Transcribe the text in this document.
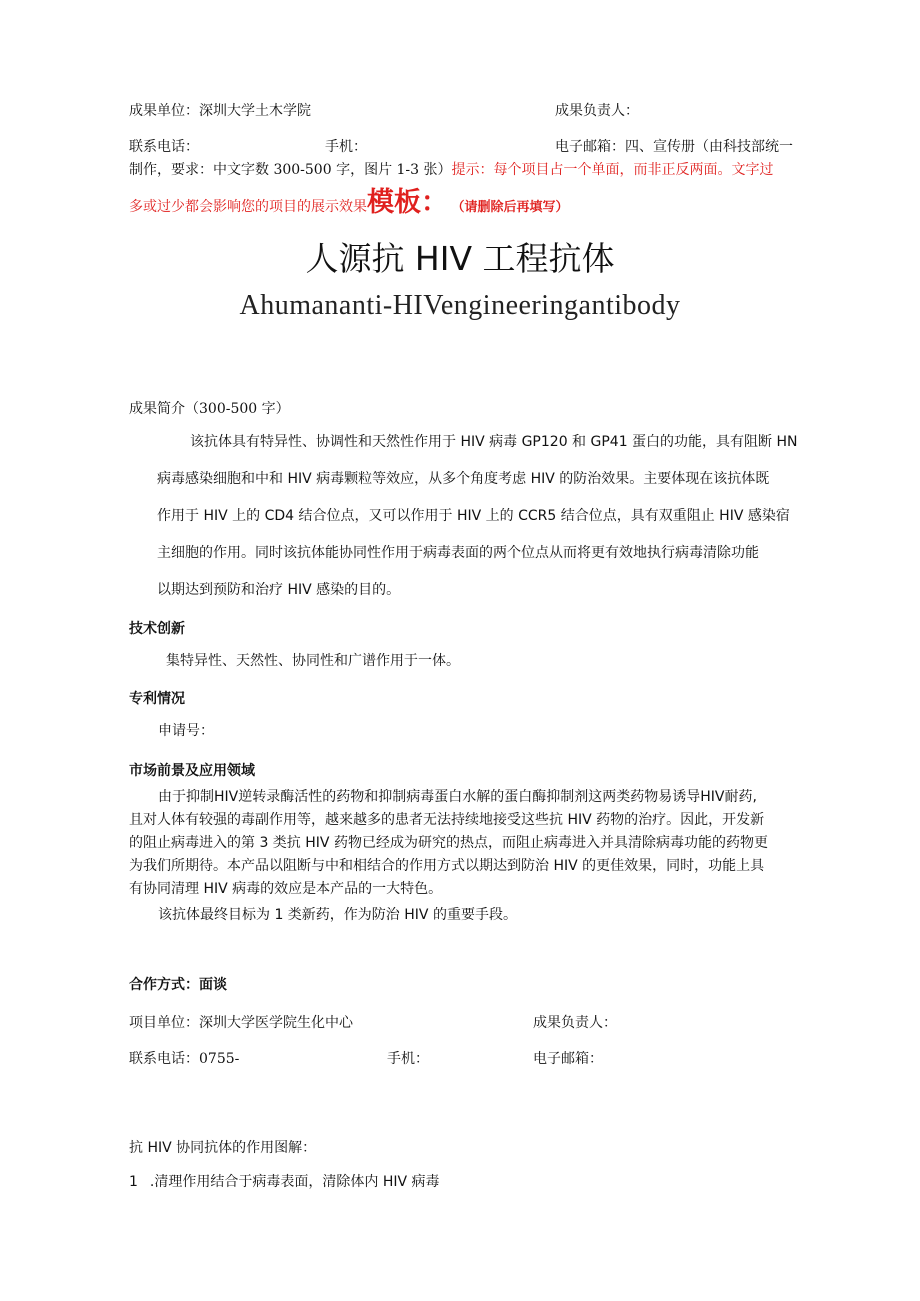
成果单位：深圳大学土木学院	成果负责人：
联系电话：	手机：	电子邮箱：四、宣传册（由科技部统一
制作，要求：中文字数 300-500 字，图片 1-3 张）提示：每个项目占一个单面，而非正反两面。文字过
多或过少都会影响您的项目的展示效果模板： （请删除后再填写）
人源抗 HIV 工程抗体
Ahumananti-HIVengineeringantibody
成果简介（300-500 字）
该抗体具有特异性、协调性和天然性作用于 HIV 病毒 GP120 和 GP41 蛋白的功能，具有阻断 HN
病毒感染细胞和中和 HIV 病毒颗粒等效应，从多个角度考虑 HIV 的防治效果。主要体现在该抗体既
作用于 HIV 上的 CD4 结合位点，又可以作用于 HIV 上的 CCR5 结合位点，具有双重阻止 HIV 感染宿
主细胞的作用。同时该抗体能协同性作用于病毒表面的两个位点从而将更有效地执行病毒清除功能
以期达到预防和治疗 HIV 感染的目的。
技术创新
集特异性、天然性、协同性和广谱作用于一体。
专利情况
申请号：
市场前景及应用领域
由于抑制HIV逆转录酶活性的药物和抑制病毒蛋白水解的蛋白酶抑制剂这两类药物易诱导HIV耐药,
且对人体有较强的毒副作用等，越来越多的患者无法持续地接受这些抗 HIV 药物的治疗。因此，开发新
的阻止病毒进入的第 3 类抗 HIV 药物已经成为研究的热点，而阻止病毒进入并具清除病毒功能的药物更
为我们所期待。本产品以阻断与中和相结合的作用方式以期达到防治 HIV 的更佳效果，同时，功能上具
有协同清理 HIV 病毒的效应是本产品的一大特色。
该抗体最终目标为 1 类新药，作为防治 HIV 的重要手段。
合作方式：面谈
项目单位：深圳大学医学院生化中心	成果负责人：
联系电话：0755-	手机：	电子邮箱：
抗 HIV 协同抗体的作用图解：
1 .清理作用结合于病毒表面，清除体内 HIV 病毒
